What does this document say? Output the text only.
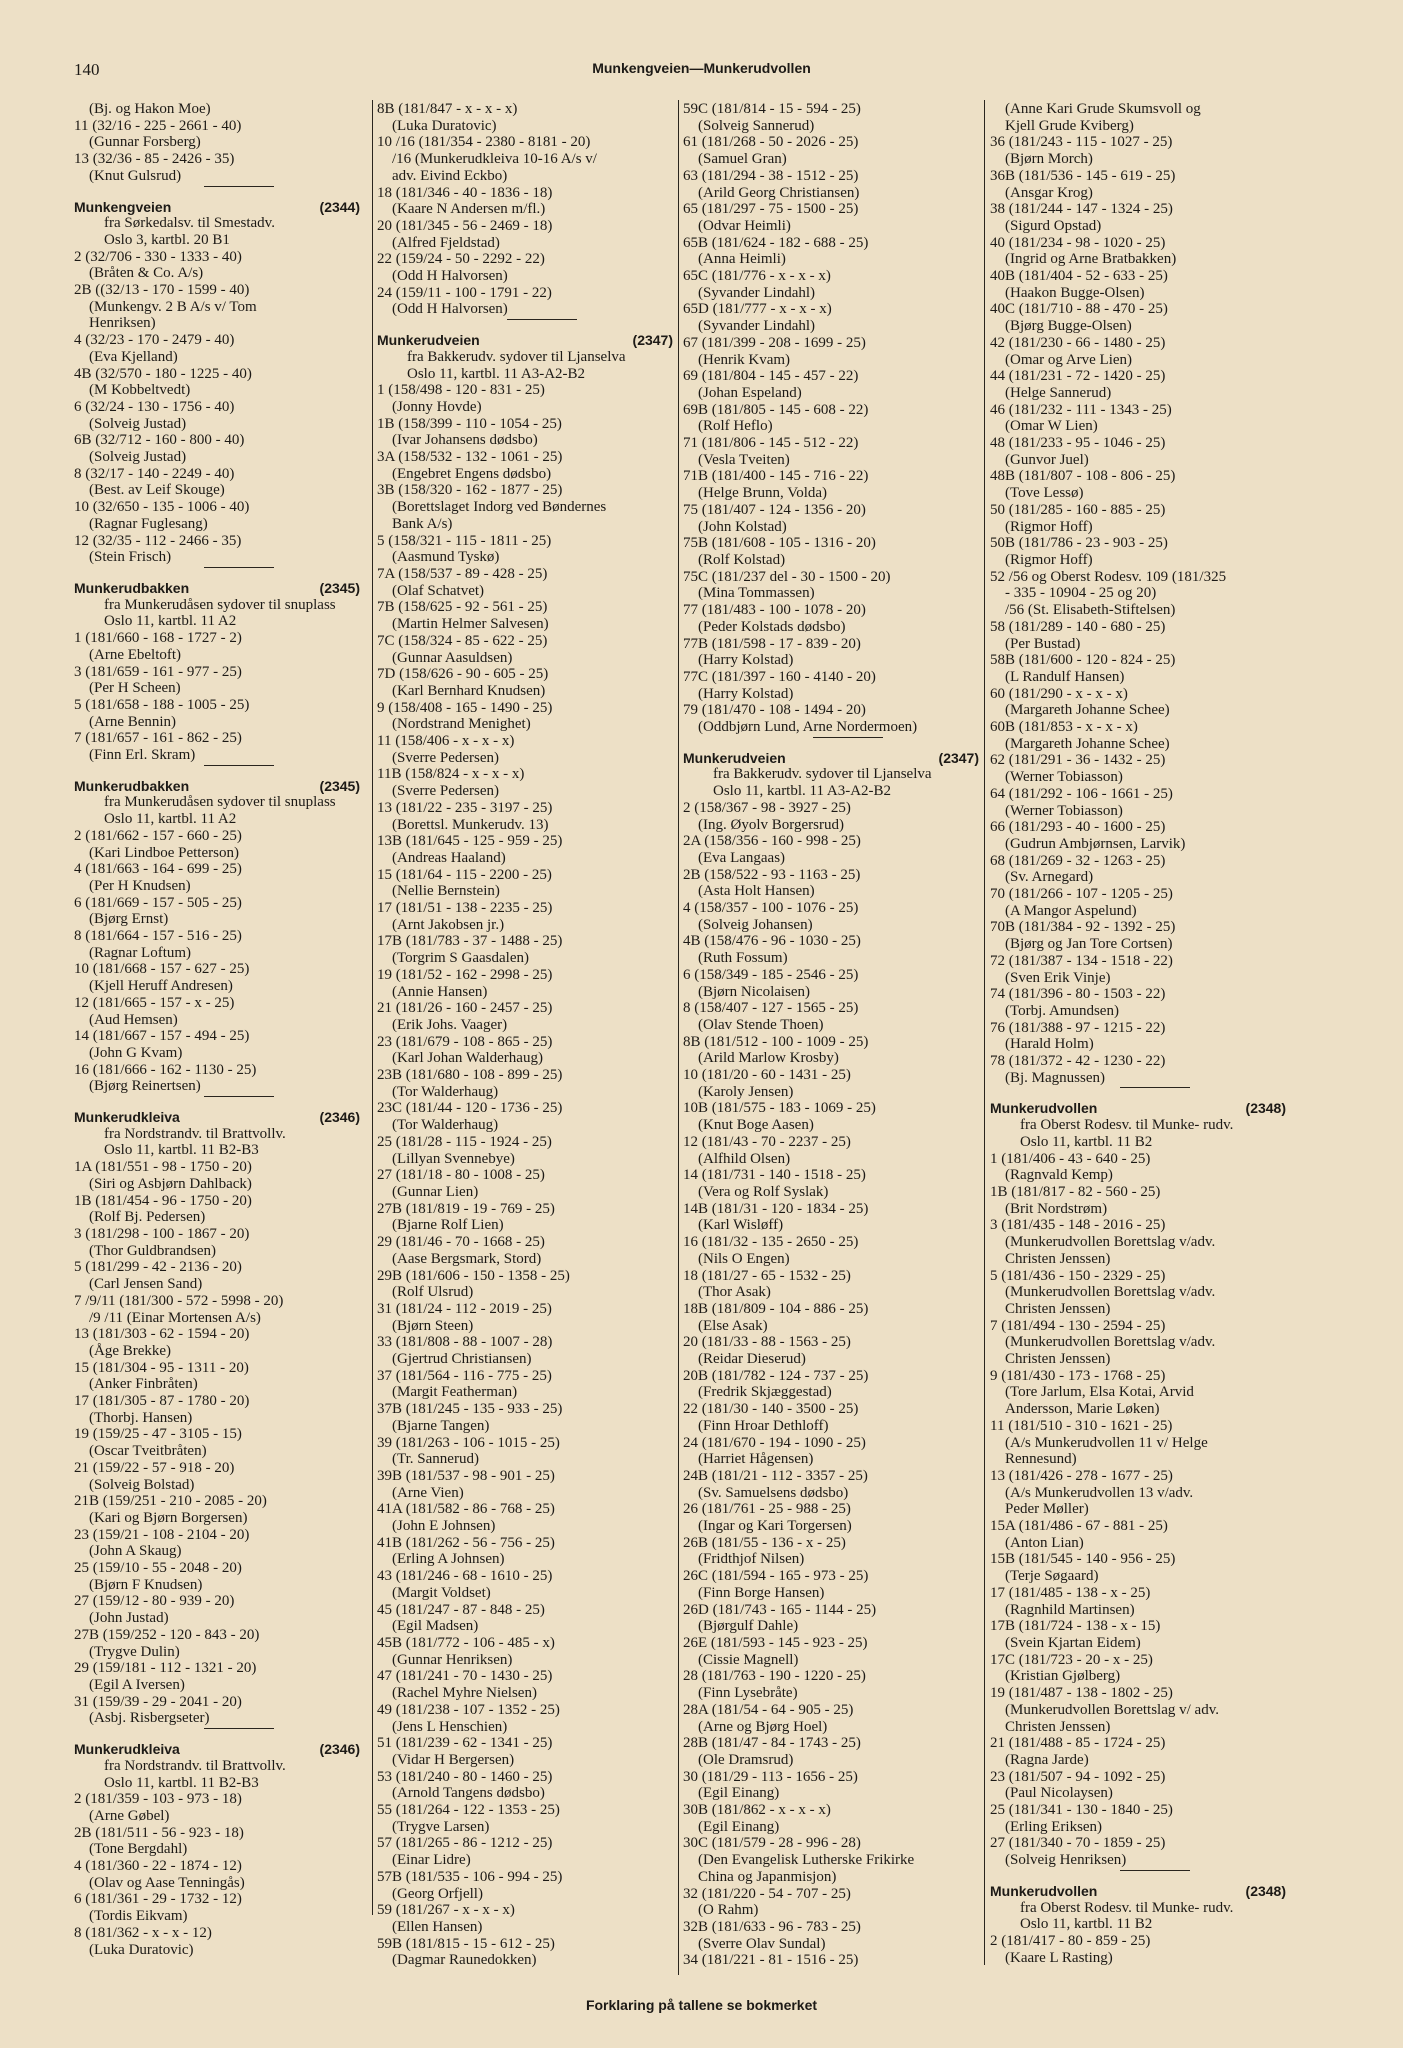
140	Munkengveien—Munkerudvollen
(Bj. og Hakon Moe)
11 (32/16 - 225 - 2661 - 40)
(Gunnar Forsberg)
13 (32/36 - 85 - 2426 - 35)
(Knut Gulsrud)
Munkengveien	(2344)
fra Sørkedalsv. til Smestadv.
Oslo 3, kartbl. 20 B1
2 (32/706 - 330 - 1333 - 40)
(Bråten & Co. A/s)
2B ((32/13 - 170 - 1599 - 40)
(Munkengv. 2 B A/s v/ Tom
Henriksen)
4 (32/23 - 170 - 2479 - 40)
(Eva Kjelland)
4B (32/570 - 180 - 1225 - 40)
(M Kobbeltvedt)
6 (32/24 - 130 - 1756 - 40)
(Solveig Justad)
6B (32/712 - 160 - 800 - 40)
(Solveig Justad)
8 (32/17 - 140 - 2249 - 40)
(Best. av Leif Skouge)
10 (32/650 - 135 - 1006 - 40)
(Ragnar Fuglesang)
12 (32/35 - 112 - 2466 - 35)
(Stein Frisch)
Munkerudbakken	(2345)
fra Munkerudåsen sydover til snuplass
Oslo 11, kartbl. 11 A2
1 (181/660 - 168 - 1727 - 2)
(Arne Ebeltoft)
3 (181/659 - 161 - 977 - 25)
(Per H Scheen)
5 (181/658 - 188 - 1005 - 25)
(Arne Bennin)
7 (181/657 - 161 - 862 - 25)
(Finn Erl. Skram)
Munkerudbakken	(2345)
fra Munkerudåsen sydover til snuplass
Oslo 11, kartbl. 11 A2
2 (181/662 - 157 - 660 - 25)
(Kari Lindboe Petterson)
4 (181/663 - 164 - 699 - 25)
(Per H Knudsen)
6 (181/669 - 157 - 505 - 25)
(Bjørg Ernst)
8 (181/664 - 157 - 516 - 25)
(Ragnar Loftum)
10 (181/668 - 157 - 627 - 25)
(Kjell Heruff Andresen)
12 (181/665 - 157 - x - 25)
(Aud Hemsen)
14 (181/667 - 157 - 494 - 25)
(John G Kvam)
16 (181/666 - 162 - 1130 - 25)
(Bjørg Reinertsen)
Munkerudkleiva	(2346)
fra Nordstrandv. til Brattvollv.
Oslo 11, kartbl. 11 B2-B3
1A (181/551 - 98 - 1750 - 20)
(Siri og Asbjørn Dahlback)
1B (181/454 - 96 - 1750 - 20)
(Rolf Bj. Pedersen)
3 (181/298 - 100 - 1867 - 20)
(Thor Guldbrandsen)
5 (181/299 - 42 - 2136 - 20)
(Carl Jensen Sand)
7 /9/11 (181/300 - 572 - 5998 - 20)
/9 /11 (Einar Mortensen A/s)
13 (181/303 - 62 - 1594 - 20)
(Åge Brekke)
15 (181/304 - 95 - 1311 - 20)
(Anker Finbråten)
17 (181/305 - 87 - 1780 - 20)
(Thorbj. Hansen)
19 (159/25 - 47 - 3105 - 15)
(Oscar Tveitbråten)
21 (159/22 - 57 - 918 - 20)
(Solveig Bolstad)
21B (159/251 - 210 - 2085 - 20)
(Kari og Bjørn Borgersen)
23 (159/21 - 108 - 2104 - 20)
(John A Skaug)
25 (159/10 - 55 - 2048 - 20)
(Bjørn F Knudsen)
27 (159/12 - 80 - 939 - 20)
(John Justad)
27B (159/252 - 120 - 843 - 20)
(Trygve Dulin)
29 (159/181 - 112 - 1321 - 20)
(Egil A Iversen)
31 (159/39 - 29 - 2041 - 20)
(Asbj. Risbergseter)
Munkerudkleiva	(2346)
fra Nordstrandv. til Brattvollv.
Oslo 11, kartbl. 11 B2-B3
2 (181/359 - 103 - 973 - 18)
(Arne Gøbel)
2B (181/511 - 56 - 923 - 18)
(Tone Bergdahl)
4 (181/360 - 22 - 1874 - 12)
(Olav og Aase Tenningås)
6 (181/361 - 29 - 1732 - 12)
(Tordis Eikvam)
8 (181/362 - x - x - 12)
(Luka Duratovic)
8B (181/847 - x - x - x)
(Luka Duratovic)
10 /16 (181/354 - 2380 - 8181 - 20)
/16 (Munkerudkleiva 10-16 A/s v/
adv. Eivind Eckbo)
18 (181/346 - 40 - 1836 - 18)
(Kaare N Andersen m/fl.)
20 (181/345 - 56 - 2469 - 18)
(Alfred Fjeldstad)
22 (159/24 - 50 - 2292 - 22)
(Odd H Halvorsen)
24 (159/11 - 100 - 1791 - 22)
(Odd H Halvorsen)
Munkerudveien	(2347)
fra Bakkerudv. sydover til Ljanselva
Oslo 11, kartbl. 11 A3-A2-B2
1 (158/498 - 120 - 831 - 25)
(Jonny Hovde)
1B (158/399 - 110 - 1054 - 25)
(Ivar Johansens dødsbo)
3A (158/532 - 132 - 1061 - 25)
(Engebret Engens dødsbo)
3B (158/320 - 162 - 1877 - 25)
(Borettslaget Indorg ved Bøndernes
Bank A/s)
5 (158/321 - 115 - 1811 - 25)
(Aasmund Tyskø)
7A (158/537 - 89 - 428 - 25)
(Olaf Schatvet)
7B (158/625 - 92 - 561 - 25)
(Martin Helmer Salvesen)
7C (158/324 - 85 - 622 - 25)
(Gunnar Aasuldsen)
7D (158/626 - 90 - 605 - 25)
(Karl Bernhard Knudsen)
9 (158/408 - 165 - 1490 - 25)
(Nordstrand Menighet)
11 (158/406 - x - x - x)
(Sverre Pedersen)
11B (158/824 - x - x - x)
(Sverre Pedersen)
13 (181/22 - 235 - 3197 - 25)
(Borettsl. Munkerudv. 13)
13B (181/645 - 125 - 959 - 25)
(Andreas Haaland)
15 (181/64 - 115 - 2200 - 25)
(Nellie Bernstein)
17 (181/51 - 138 - 2235 - 25)
(Arnt Jakobsen jr.)
17B (181/783 - 37 - 1488 - 25)
(Torgrim S Gaasdalen)
19 (181/52 - 162 - 2998 - 25)
(Annie Hansen)
21 (181/26 - 160 - 2457 - 25)
(Erik Johs. Vaager)
23 (181/679 - 108 - 865 - 25)
(Karl Johan Walderhaug)
23B (181/680 - 108 - 899 - 25)
(Tor Walderhaug)
23C (181/44 - 120 - 1736 - 25)
(Tor Walderhaug)
25 (181/28 - 115 - 1924 - 25)
(Lillyan Svennebye)
27 (181/18 - 80 - 1008 - 25)
(Gunnar Lien)
27B (181/819 - 19 - 769 - 25)
(Bjarne Rolf Lien)
29 (181/46 - 70 - 1668 - 25)
(Aase Bergsmark, Stord)
29B (181/606 - 150 - 1358 - 25)
(Rolf Ulsrud)
31 (181/24 - 112 - 2019 - 25)
(Bjørn Steen)
33 (181/808 - 88 - 1007 - 28)
(Gjertrud Christiansen)
37 (181/564 - 116 - 775 - 25)
(Margit Featherman)
37B (181/245 - 135 - 933 - 25)
(Bjarne Tangen)
39 (181/263 - 106 - 1015 - 25)
(Tr. Sannerud)
39B (181/537 - 98 - 901 - 25)
(Arne Vien)
41A (181/582 - 86 - 768 - 25)
(John E Johnsen)
41B (181/262 - 56 - 756 - 25)
(Erling A Johnsen)
43 (181/246 - 68 - 1610 - 25)
(Margit Voldset)
45 (181/247 - 87 - 848 - 25)
(Egil Madsen)
45B (181/772 - 106 - 485 - x)
(Gunnar Henriksen)
47 (181/241 - 70 - 1430 - 25)
(Rachel Myhre Nielsen)
49 (181/238 - 107 - 1352 - 25)
(Jens L Henschien)
51 (181/239 - 62 - 1341 - 25)
(Vidar H Bergersen)
53 (181/240 - 80 - 1460 - 25)
(Arnold Tangens dødsbo)
55 (181/264 - 122 - 1353 - 25)
(Trygve Larsen)
57 (181/265 - 86 - 1212 - 25)
(Einar Lidre)
57B (181/535 - 106 - 994 - 25)
(Georg Orfjell)
59 (181/267 - x - x - x)
(Ellen Hansen)
59B (181/815 - 15 - 612 - 25)
(Dagmar Raunedokken)
59C (181/814 - 15 - 594 - 25)
(Solveig Sannerud)
61 (181/268 - 50 - 2026 - 25)
(Samuel Gran)
63 (181/294 - 38 - 1512 - 25)
(Arild Georg Christiansen)
65 (181/297 - 75 - 1500 - 25)
(Odvar Heimli)
65B (181/624 - 182 - 688 - 25)
(Anna Heimli)
65C (181/776 - x - x - x)
(Syvander Lindahl)
65D (181/777 - x - x - x)
(Syvander Lindahl)
67 (181/399 - 208 - 1699 - 25)
(Henrik Kvam)
69 (181/804 - 145 - 457 - 22)
(Johan Espeland)
69B (181/805 - 145 - 608 - 22)
(Rolf Heflo)
71 (181/806 - 145 - 512 - 22)
(Vesla Tveiten)
71B (181/400 - 145 - 716 - 22)
(Helge Brunn, Volda)
75 (181/407 - 124 - 1356 - 20)
(John Kolstad)
75B (181/608 - 105 - 1316 - 20)
(Rolf Kolstad)
75C (181/237 del - 30 - 1500 - 20)
(Mina Tommassen)
77 (181/483 - 100 - 1078 - 20)
(Peder Kolstads dødsbo)
77B (181/598 - 17 - 839 - 20)
(Harry Kolstad)
77C (181/397 - 160 - 4140 - 20)
(Harry Kolstad)
79 (181/470 - 108 - 1494 - 20)
(Oddbjørn Lund, Arne Nordermoen)
Munkerudveien	(2347)
fra Bakkerudv. sydover til Ljanselva
Oslo 11, kartbl. 11 A3-A2-B2
2 (158/367 - 98 - 3927 - 25)
(Ing. Øyolv Borgersrud)
2A (158/356 - 160 - 998 - 25)
(Eva Langaas)
2B (158/522 - 93 - 1163 - 25)
(Asta Holt Hansen)
4 (158/357 - 100 - 1076 - 25)
(Solveig Johansen)
4B (158/476 - 96 - 1030 - 25)
(Ruth Fossum)
6 (158/349 - 185 - 2546 - 25)
(Bjørn Nicolaisen)
8 (158/407 - 127 - 1565 - 25)
(Olav Stende Thoen)
8B (181/512 - 100 - 1009 - 25)
(Arild Marlow Krosby)
10 (181/20 - 60 - 1431 - 25)
(Karoly Jensen)
10B (181/575 - 183 - 1069 - 25)
(Knut Boge Aasen)
12 (181/43 - 70 - 2237 - 25)
(Alfhild Olsen)
14 (181/731 - 140 - 1518 - 25)
(Vera og Rolf Syslak)
14B (181/31 - 120 - 1834 - 25)
(Karl Wisløff)
16 (181/32 - 135 - 2650 - 25)
(Nils O Engen)
18 (181/27 - 65 - 1532 - 25)
(Thor Asak)
18B (181/809 - 104 - 886 - 25)
(Else Asak)
20 (181/33 - 88 - 1563 - 25)
(Reidar Dieserud)
20B (181/782 - 124 - 737 - 25)
(Fredrik Skjæggestad)
22 (181/30 - 140 - 3500 - 25)
(Finn Hroar Dethloff)
24 (181/670 - 194 - 1090 - 25)
(Harriet Hågensen)
24B (181/21 - 112 - 3357 - 25)
(Sv. Samuelsens dødsbo)
26 (181/761 - 25 - 988 - 25)
(Ingar og Kari Torgersen)
26B (181/55 - 136 - x - 25)
(Fridthjof Nilsen)
26C (181/594 - 165 - 973 - 25)
(Finn Borge Hansen)
26D (181/743 - 165 - 1144 - 25)
(Bjørgulf Dahle)
26E (181/593 - 145 - 923 - 25)
(Cissie Magnell)
28 (181/763 - 190 - 1220 - 25)
(Finn Lysebråte)
28A (181/54 - 64 - 905 - 25)
(Arne og Bjørg Hoel)
28B (181/47 - 84 - 1743 - 25)
(Ole Dramsrud)
30 (181/29 - 113 - 1656 - 25)
(Egil Einang)
30B (181/862 - x - x - x)
(Egil Einang)
30C (181/579 - 28 - 996 - 28)
(Den Evangelisk Lutherske Frikirke
China og Japanmisjon)
32 (181/220 - 54 - 707 - 25)
(O Rahm)
32B (181/633 - 96 - 783 - 25)
(Sverre Olav Sundal)
34 (181/221 - 81 - 1516 - 25)
(Anne Kari Grude Skumsvoll og
Kjell Grude Kviberg)
36 (181/243 - 115 - 1027 - 25)
(Bjørn Morch)
36B (181/536 - 145 - 619 - 25)
(Ansgar Krog)
38 (181/244 - 147 - 1324 - 25)
(Sigurd Opstad)
40 (181/234 - 98 - 1020 - 25)
(Ingrid og Arne Bratbakken)
40B (181/404 - 52 - 633 - 25)
(Haakon Bugge-Olsen)
40C (181/710 - 88 - 470 - 25)
(Bjørg Bugge-Olsen)
42 (181/230 - 66 - 1480 - 25)
(Omar og Arve Lien)
44 (181/231 - 72 - 1420 - 25)
(Helge Sannerud)
46 (181/232 - 111 - 1343 - 25)
(Omar W Lien)
48 (181/233 - 95 - 1046 - 25)
(Gunvor Juel)
48B (181/807 - 108 - 806 - 25)
(Tove Lessø)
50 (181/285 - 160 - 885 - 25)
(Rigmor Hoff)
50B (181/786 - 23 - 903 - 25)
(Rigmor Hoff)
52 /56 og Oberst Rodesv. 109 (181/325
- 335 - 10904 - 25 og 20)
/56 (St. Elisabeth-Stiftelsen)
58 (181/289 - 140 - 680 - 25)
(Per Bustad)
58B (181/600 - 120 - 824 - 25)
(L Randulf Hansen)
60 (181/290 - x - x - x)
(Margareth Johanne Schee)
60B (181/853 - x - x - x)
(Margareth Johanne Schee)
62 (181/291 - 36 - 1432 - 25)
(Werner Tobiasson)
64 (181/292 - 106 - 1661 - 25)
(Werner Tobiasson)
66 (181/293 - 40 - 1600 - 25)
(Gudrun Ambjørnsen, Larvik)
68 (181/269 - 32 - 1263 - 25)
(Sv. Arnegard)
70 (181/266 - 107 - 1205 - 25)
(A Mangor Aspelund)
70B (181/384 - 92 - 1392 - 25)
(Bjørg og Jan Tore Cortsen)
72 (181/387 - 134 - 1518 - 22)
(Sven Erik Vinje)
74 (181/396 - 80 - 1503 - 22)
(Torbj. Amundsen)
76 (181/388 - 97 - 1215 - 22)
(Harald Holm)
78 (181/372 - 42 - 1230 - 22)
(Bj. Magnussen)
Munkerudvollen	(2348)
fra Oberst Rodesv. til Munke- rudv.
Oslo 11, kartbl. 11 B2
1 (181/406 - 43 - 640 - 25)
(Ragnvald Kemp)
1B (181/817 - 82 - 560 - 25)
(Brit Nordstrøm)
3 (181/435 - 148 - 2016 - 25)
(Munkerudvollen Borettslag v/adv.
Christen Jenssen)
5 (181/436 - 150 - 2329 - 25)
(Munkerudvollen Borettslag v/adv.
Christen Jenssen)
7 (181/494 - 130 - 2594 - 25)
(Munkerudvollen Borettslag v/adv.
Christen Jenssen)
9 (181/430 - 173 - 1768 - 25)
(Tore Jarlum, Elsa Kotai, Arvid
Andersson, Marie Løken)
11 (181/510 - 310 - 1621 - 25)
(A/s Munkerudvollen 11 v/ Helge
Rennesund)
13 (181/426 - 278 - 1677 - 25)
(A/s Munkerudvollen 13 v/adv.
Peder Møller)
15A (181/486 - 67 - 881 - 25)
(Anton Lian)
15B (181/545 - 140 - 956 - 25)
(Terje Søgaard)
17 (181/485 - 138 - x - 25)
(Ragnhild Martinsen)
17B (181/724 - 138 - x - 15)
(Svein Kjartan Eidem)
17C (181/723 - 20 - x - 25)
(Kristian Gjølberg)
19 (181/487 - 138 - 1802 - 25)
(Munkerudvollen Borettslag v/ adv.
Christen Jenssen)
21 (181/488 - 85 - 1724 - 25)
(Ragna Jarde)
23 (181/507 - 94 - 1092 - 25)
(Paul Nicolaysen)
25 (181/341 - 130 - 1840 - 25)
(Erling Eriksen)
27 (181/340 - 70 - 1859 - 25)
(Solveig Henriksen)
Munkerudvollen	(2348)
fra Oberst Rodesv. til Munke- rudv.
Oslo 11, kartbl. 11 B2
2 (181/417 - 80 - 859 - 25)
(Kaare L Rasting)
Forklaring på tallene se bokmerket
